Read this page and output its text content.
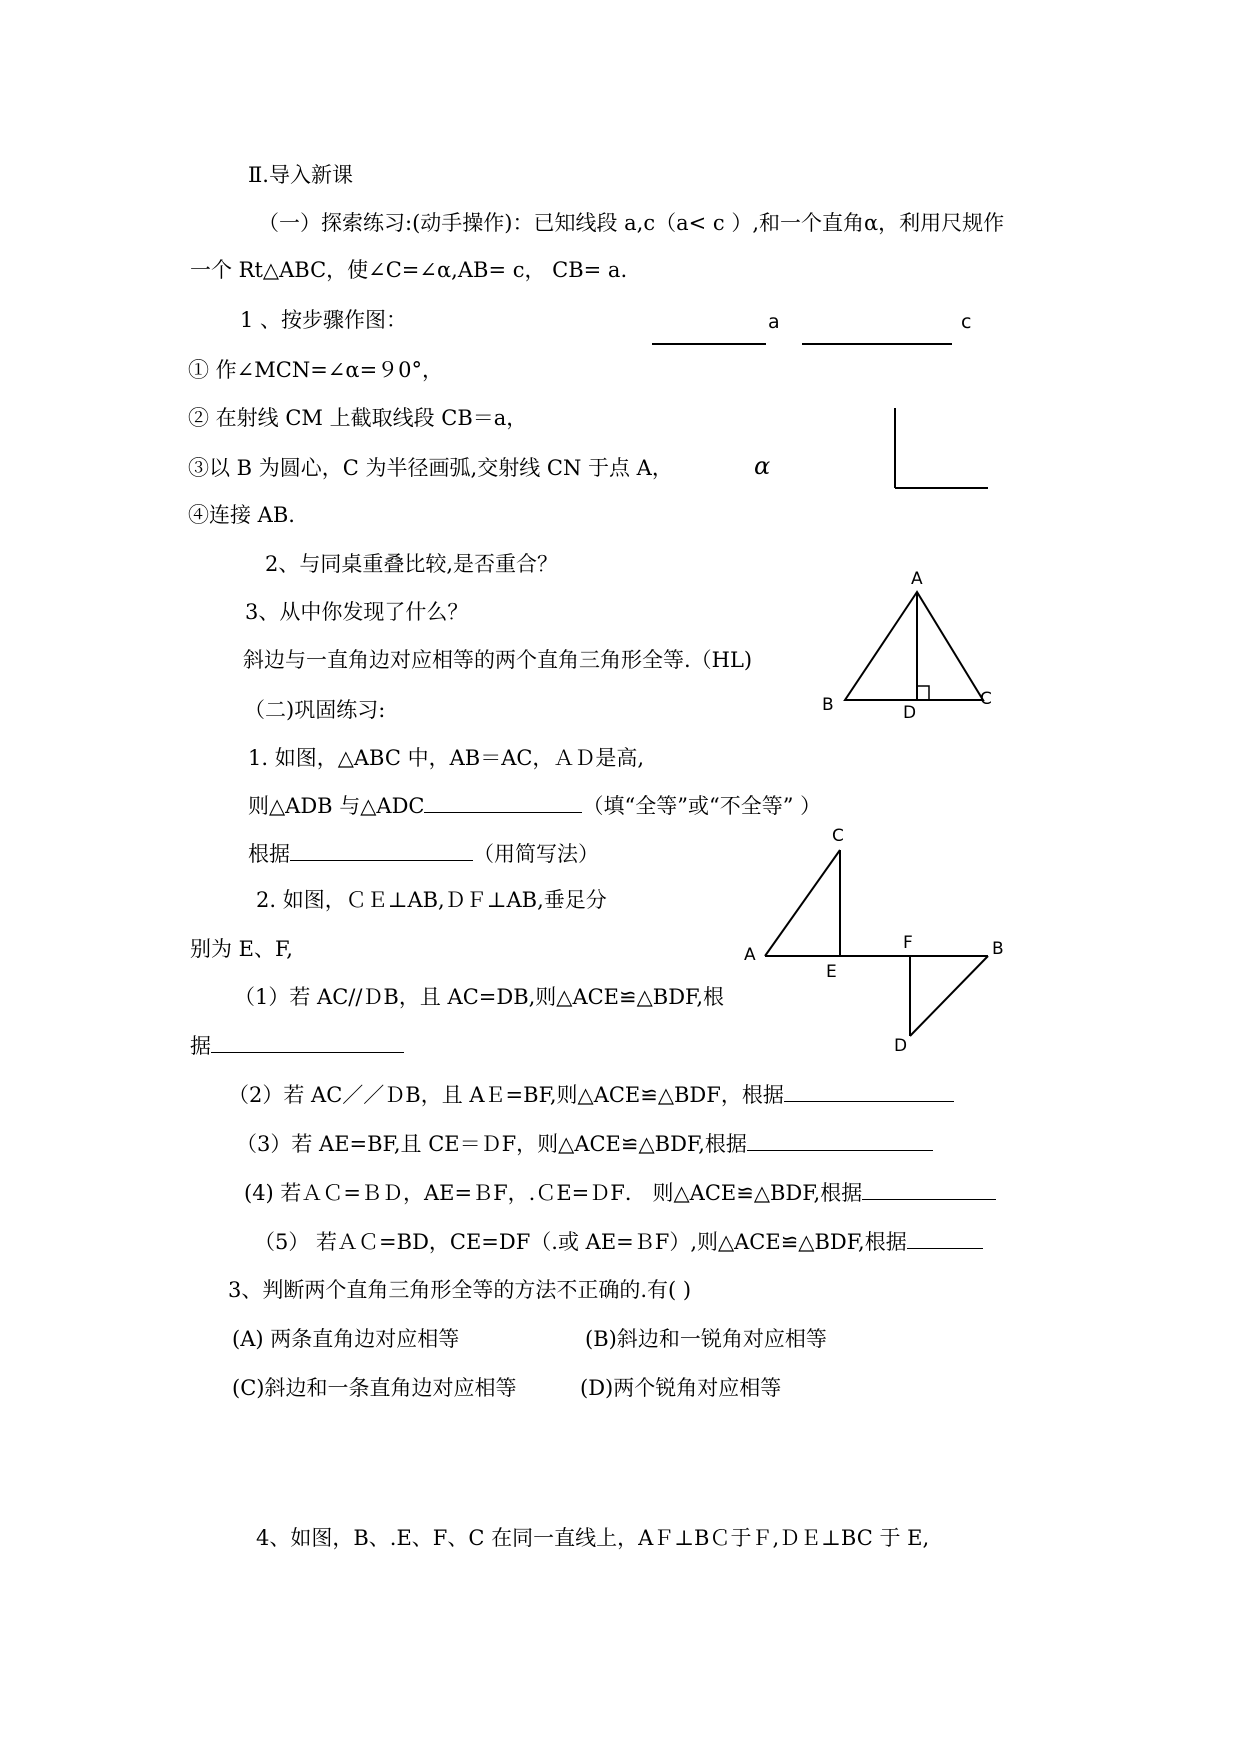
Ⅱ.导入新课
（一）探索练习:(动手操作)：已知线段 a,c（a< c ）,和一个直角α，利用尺规作
一个 Rt△ABC，使∠C=∠α,AB= c， CB= a.
1 、按步骤作图：	a	c
① 作∠MCN=∠α=９0°，
② 在射线 CM 上截取线段 CB＝a，
③以 B 为圆心，C 为半径画弧,交射线 CN 于点 A，	α
④连接 AB.
2、与同桌重叠比较,是否重合？
3、从中你发现了什么？
斜边与一直角边对应相等的两个直角三角形全等.（HL)
A
B	C
D
（二)巩固练习:
1. 如图，△ABC 中，AB＝AC，ＡＤ是高,
则△ADB 与△ADC	（填“全等”或“不全等” ）
根据	（用简写法）
2. 如图，ＣＥ⊥AB,ＤＦ⊥AB,垂足分
别为 E、F,
C
A
E
F	B
D
（1）若 AC//ＤB，且 AC=DB,则△ACE≌△BDF,根
据
（2）若 AC／／ＤB，且 AＥ=BF,则△ACE≌△BDF，根据
（3）若 AE=BF,且 CE＝ＤF，则△ACE≌△BDF,根据
(4) 若ＡＣ=ＢＤ，AE=ＢF，.ＣE=ＤF． 则△ACE≌△BDF,根据
（5） 若ＡＣ=BD，CE=DF（.或 AE=ＢF）,则△ACE≌△BDF,根据
3、判断两个直角三角形全等的方法不正确的.有( )
(A) 两条直角边对应相等	(B)斜边和一锐角对应相等
(C)斜边和一条直角边对应相等	(D)两个锐角对应相等
4、如图，B、.E、F、C 在同一直线上，AＦ⊥BＣ于Ｆ,ＤＥ⊥BC 于 E,
